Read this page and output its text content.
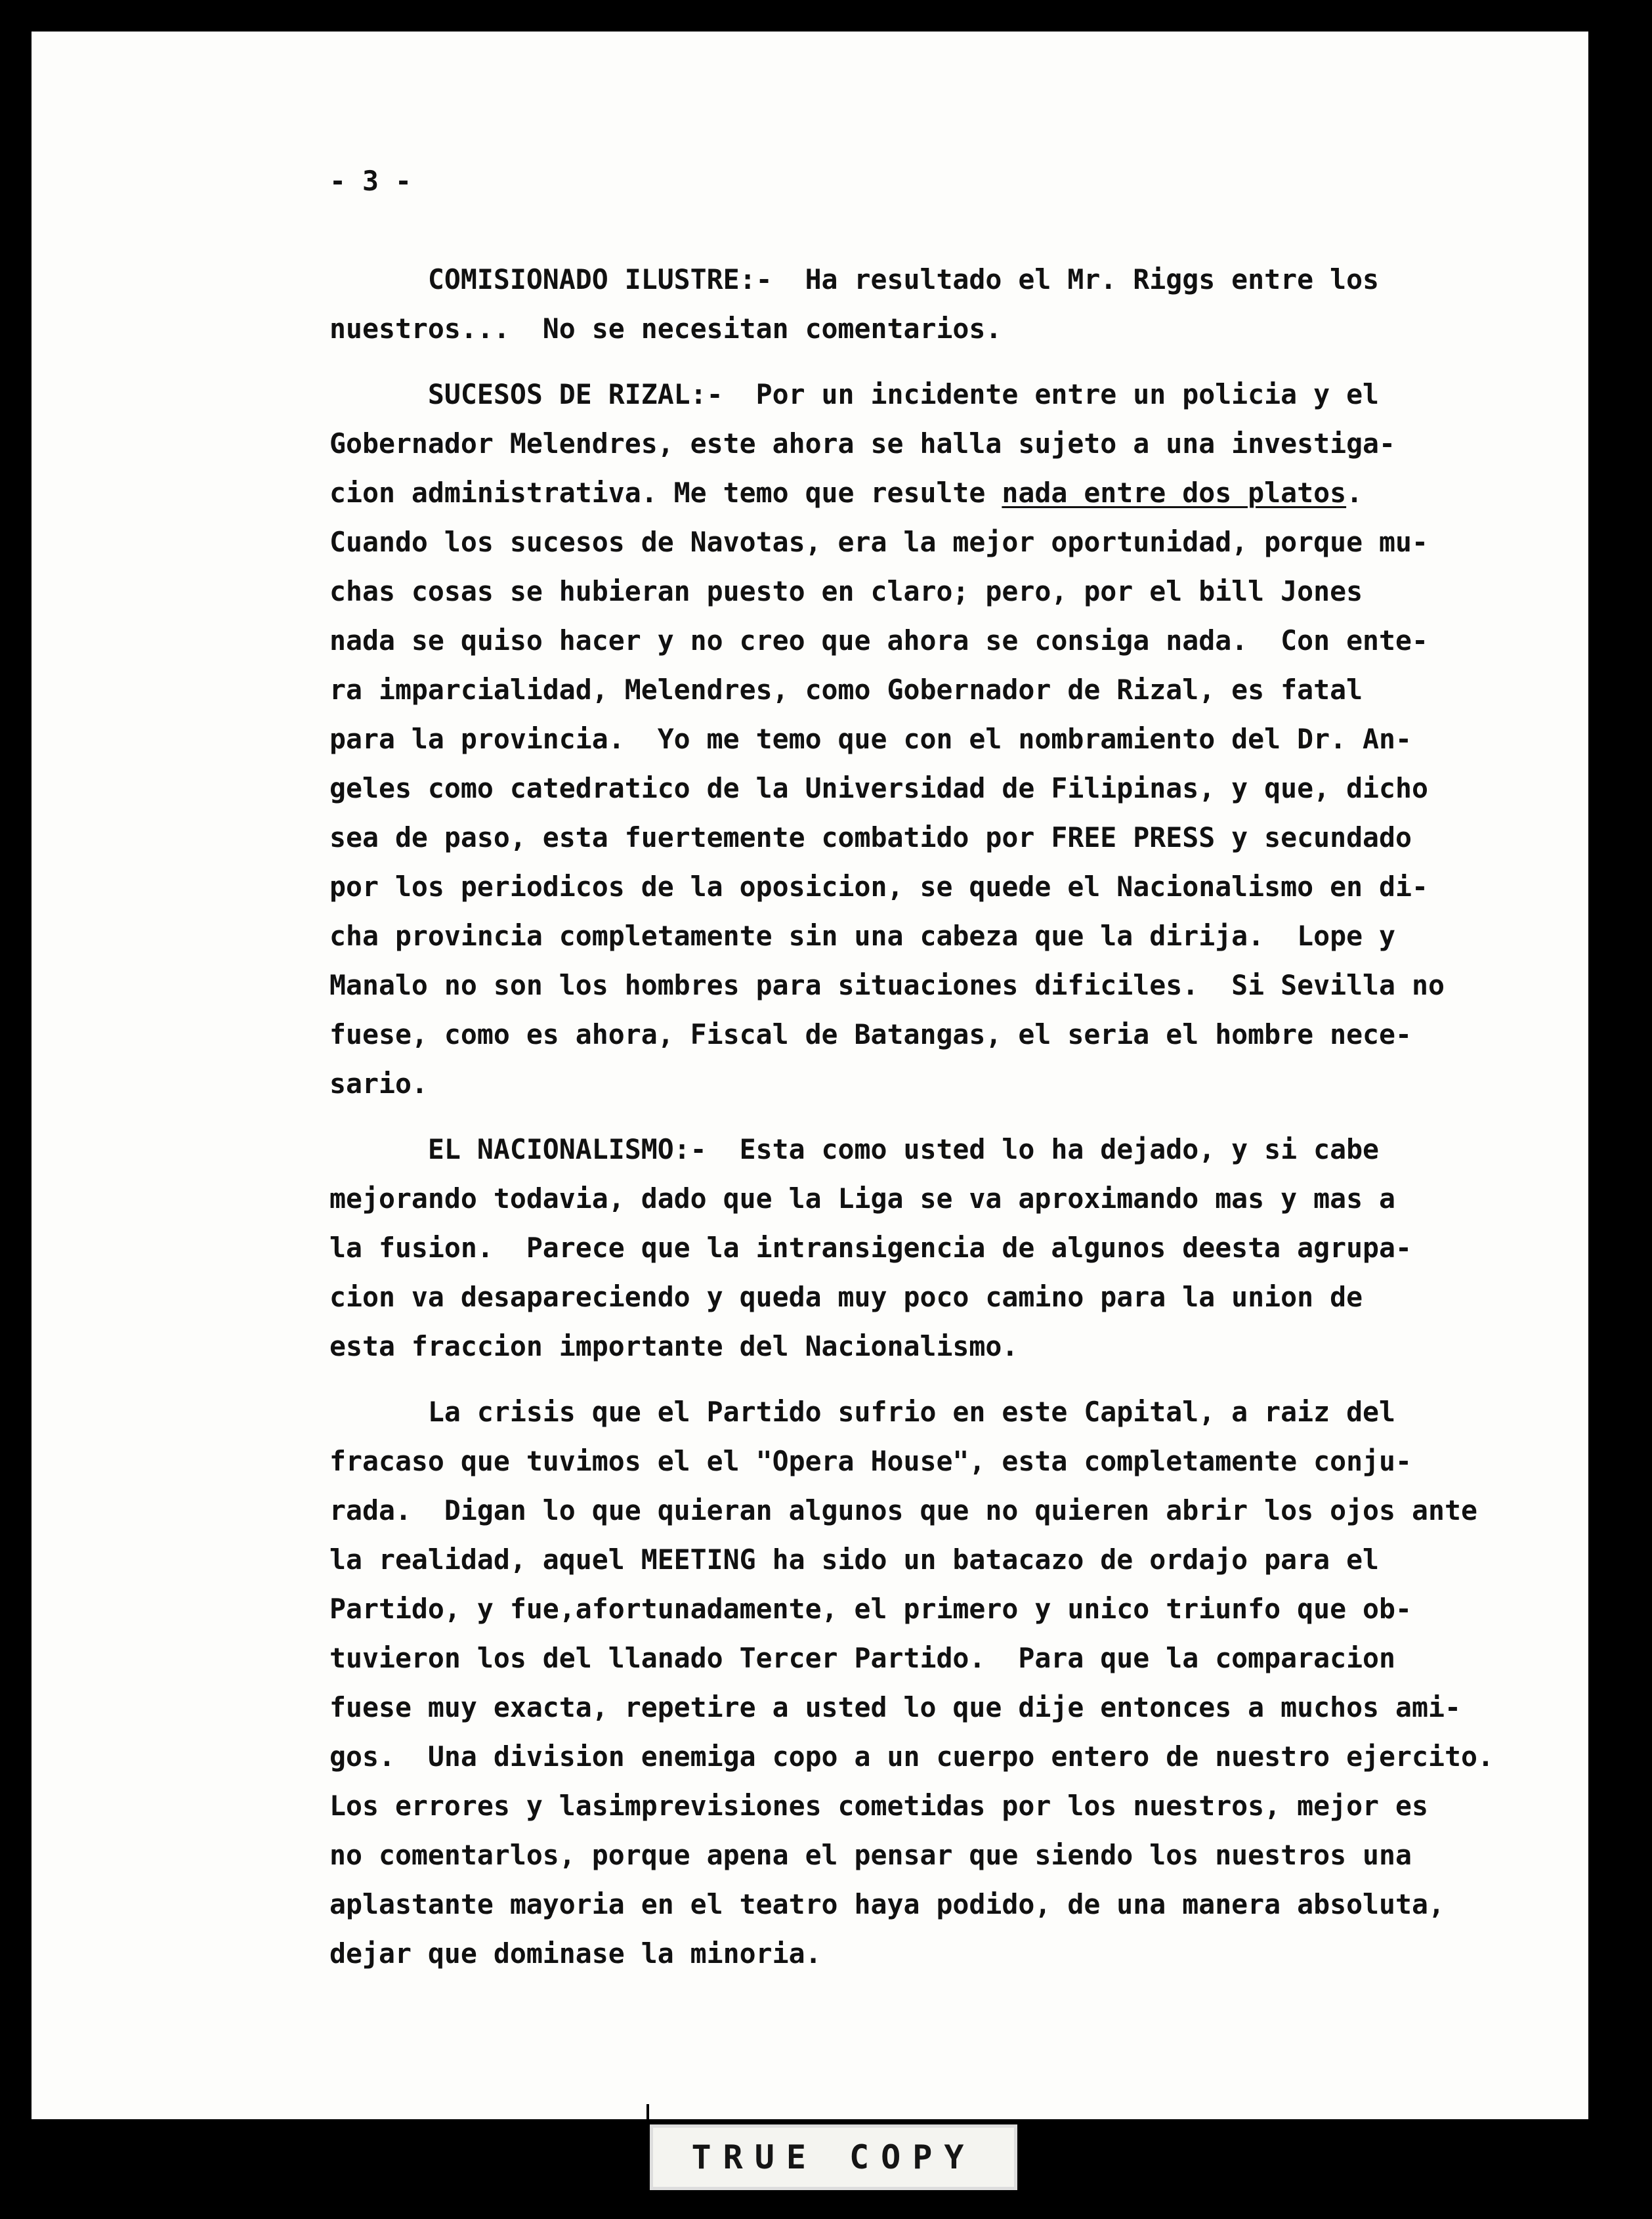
- 3 -
COMISIONADO ILUSTRE:-  Ha resultado el Mr. Riggs entre los
nuestros...  No se necesitan comentarios.
SUCESOS DE RIZAL:-  Por un incidente entre un policia y el
Gobernador Melendres, este ahora se halla sujeto a una investiga-
cion administrativa. Me temo que resulte nada entre dos platos.
Cuando los sucesos de Navotas, era la mejor oportunidad, porque mu-
chas cosas se hubieran puesto en claro; pero, por el bill Jones
nada se quiso hacer y no creo que ahora se consiga nada.  Con ente-
ra imparcialidad, Melendres, como Gobernador de Rizal, es fatal
para la provincia.  Yo me temo que con el nombramiento del Dr. An-
geles como catedratico de la Universidad de Filipinas, y que, dicho
sea de paso, esta fuertemente combatido por FREE PRESS y secundado
por los periodicos de la oposicion, se quede el Nacionalismo en di-
cha provincia completamente sin una cabeza que la dirija.  Lope y
Manalo no son los hombres para situaciones dificiles.  Si Sevilla no
fuese, como es ahora, Fiscal de Batangas, el seria el hombre nece-
sario.
EL NACIONALISMO:-  Esta como usted lo ha dejado, y si cabe
mejorando todavia, dado que la Liga se va aproximando mas y mas a
la fusion.  Parece que la intransigencia de algunos deesta agrupa-
cion va desapareciendo y queda muy poco camino para la union de
esta fraccion importante del Nacionalismo.
La crisis que el Partido sufrio en este Capital, a raiz del
fracaso que tuvimos el el "Opera House", esta completamente conju-
rada.  Digan lo que quieran algunos que no quieren abrir los ojos ante
la realidad, aquel MEETING ha sido un batacazo de ordajo para el
Partido, y fue,afortunadamente, el primero y unico triunfo que ob-
tuvieron los del llanado Tercer Partido.  Para que la comparacion
fuese muy exacta, repetire a usted lo que dije entonces a muchos ami-
gos.  Una division enemiga copo a un cuerpo entero de nuestro ejercito.
Los errores y lasimprevisiones cometidas por los nuestros, mejor es
no comentarlos, porque apena el pensar que siendo los nuestros una
aplastante mayoria en el teatro haya podido, de una manera absoluta,
dejar que dominase la minoria.
TRUE COPY
